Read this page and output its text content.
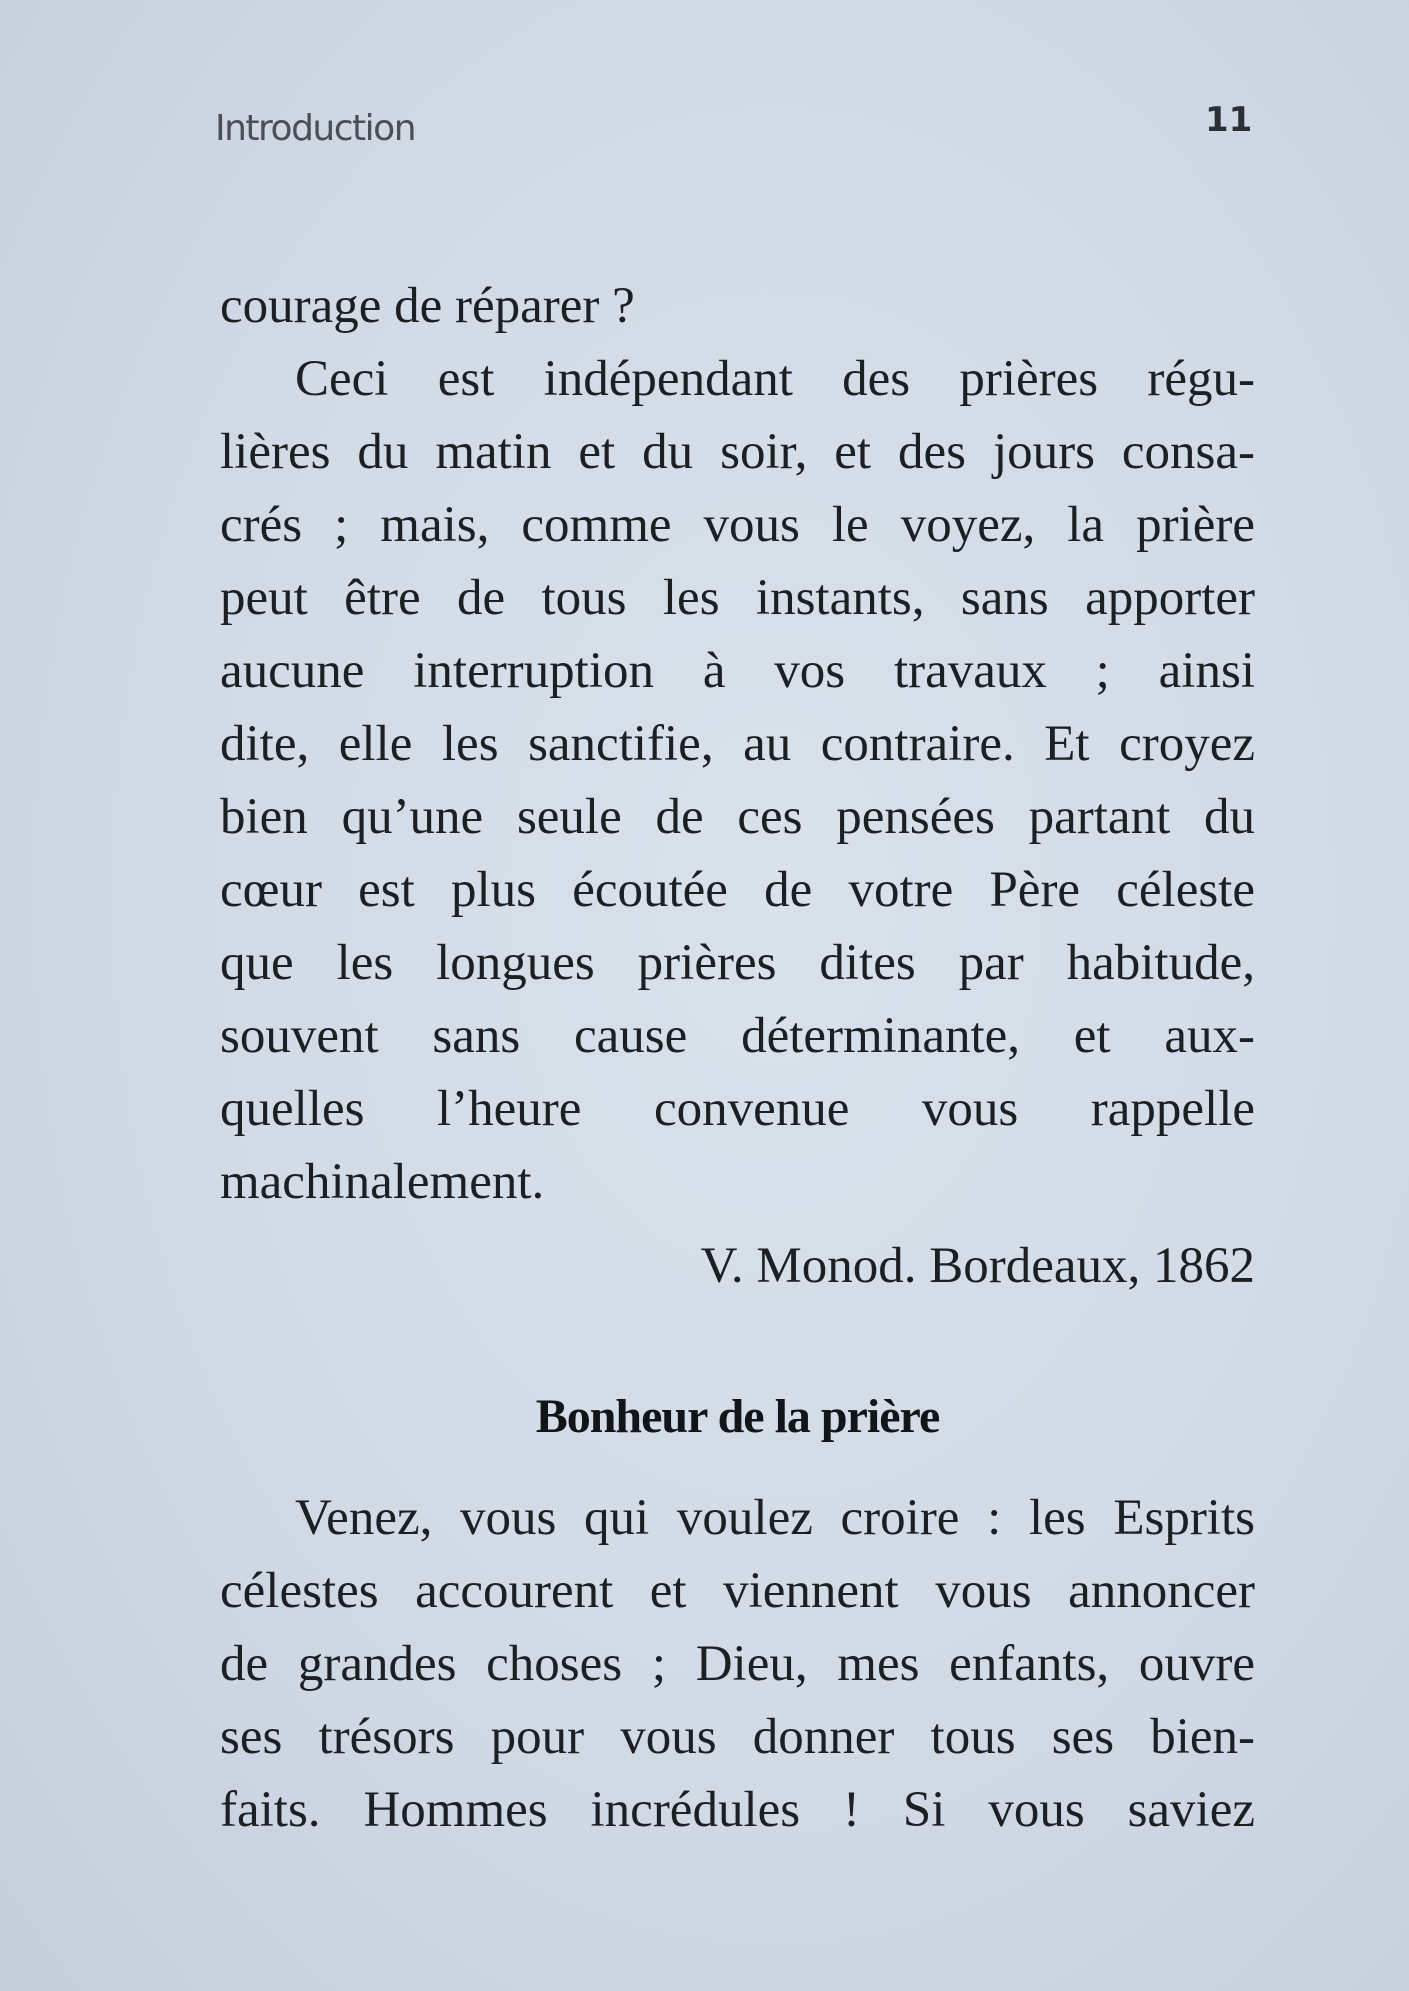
Introduction	11
courage de réparer ?
Ceci est indépendant des prières régu-
lières du matin et du soir, et des jours consa-
crés ; mais, comme vous le voyez, la prière
peut être de tous les instants, sans apporter
aucune interruption à vos travaux ; ainsi
dite, elle les sanctifie, au contraire. Et croyez
bien qu’une seule de ces pensées partant du
cœur est plus écoutée de votre Père céleste
que les longues prières dites par habitude,
souvent sans cause déterminante, et aux-
quelles l’heure convenue vous rappelle
machinalement.
V. Monod. Bordeaux, 1862
Bonheur de la prière
Venez, vous qui voulez croire : les Esprits
célestes accourent et viennent vous annoncer
de grandes choses ; Dieu, mes enfants, ouvre
ses trésors pour vous donner tous ses bien-
faits. Hommes incrédules ! Si vous saviez
